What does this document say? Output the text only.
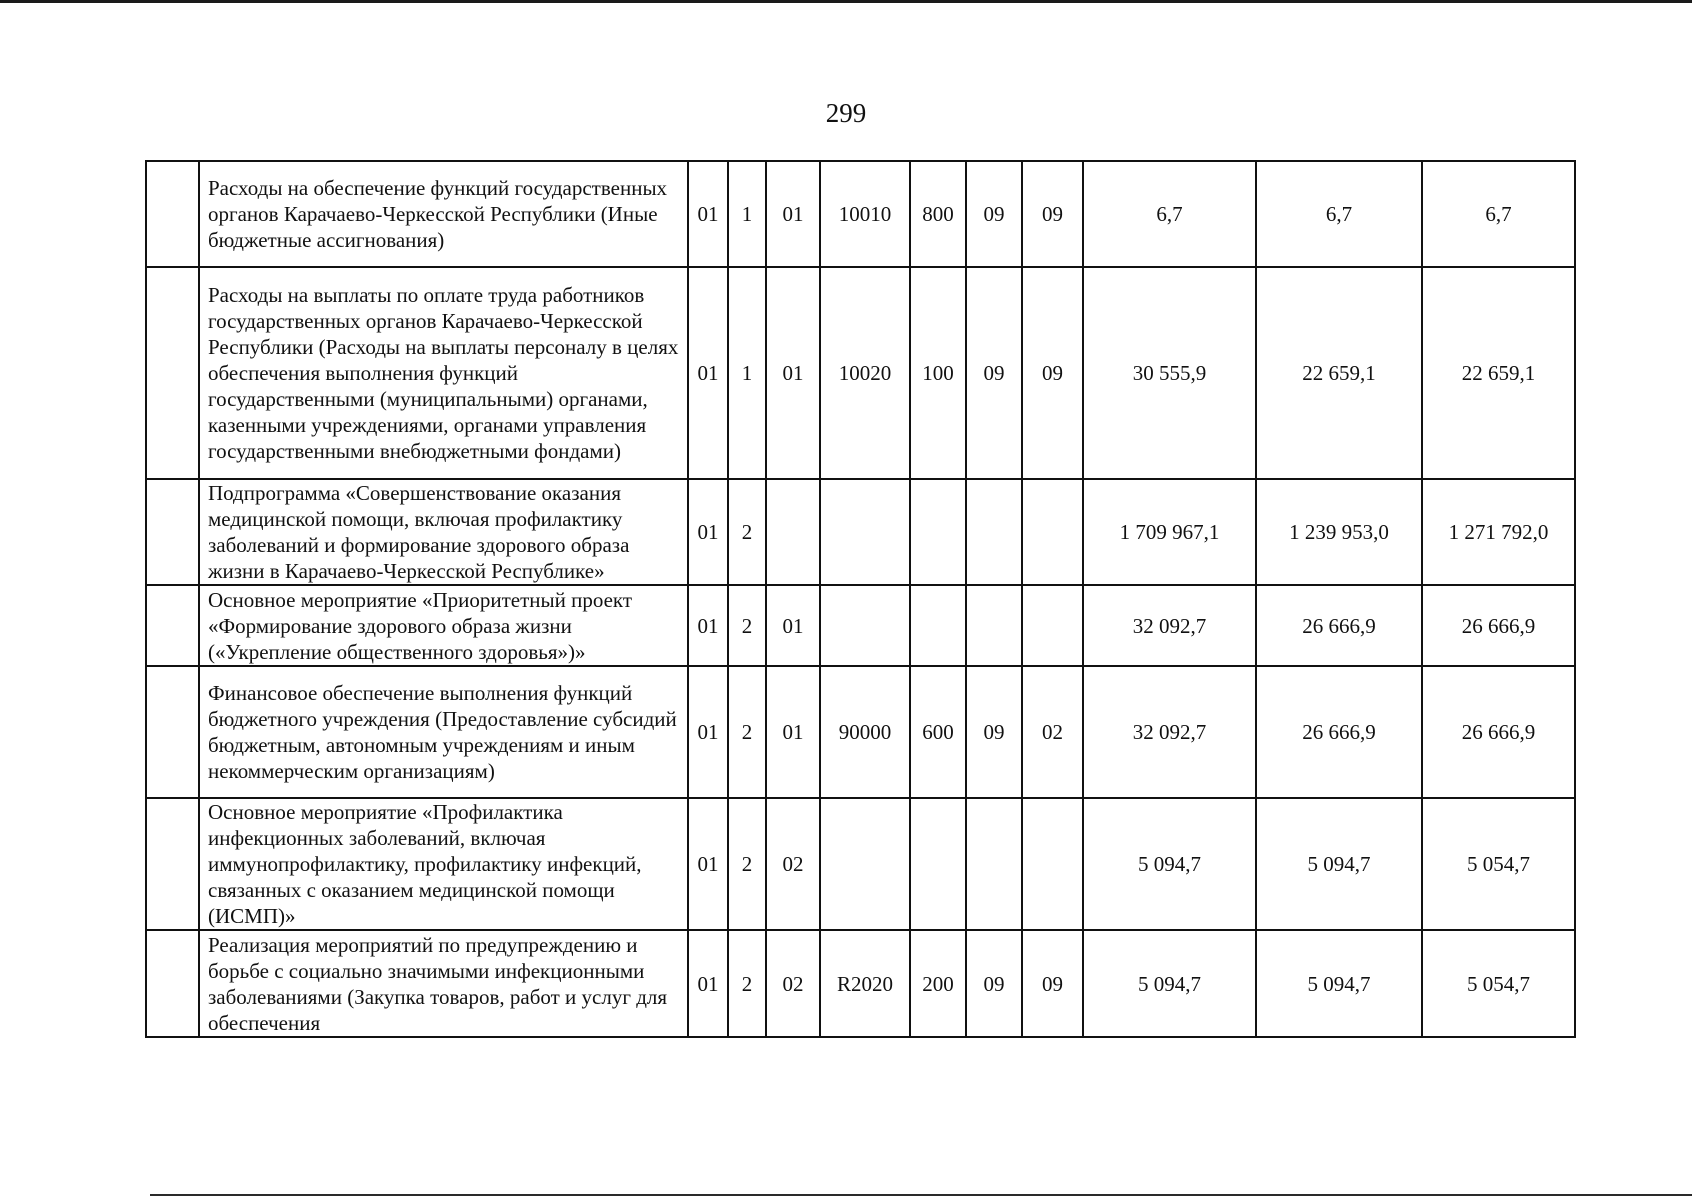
299
	Расходы на обеспечение функций государственных органов Карачаево-Черкесской Республики (Иные бюджетные ассигнования)	01	1	01	10010	800	09	09	6,7	6,7	6,7
	Расходы на выплаты по оплате труда работников государственных органов Карачаево-Черкесской Республики (Расходы на выплаты персоналу в целях обеспечения выполнения функций государственными (муниципальными) органами, казенными учреждениями, органами управления государственными внебюджетными фондами)	01	1	01	10020	100	09	09	30 555,9	22 659,1	22 659,1
	Подпрограмма «Совершенствование оказания медицинской помощи, включая профилактику заболеваний и формирование здорового образа жизни в Карачаево-Черкесской Республике»	01	2						1 709 967,1	1 239 953,0	1 271 792,0
	Основное мероприятие «Приоритетный проект «Формирование здорового образа жизни («Укрепление общественного здоровья»)»	01	2	01					32 092,7	26 666,9	26 666,9
	Финансовое обеспечение выполнения функций бюджетного учреждения (Предоставление субсидий бюджетным, автономным учреждениям и иным некоммерческим организациям)	01	2	01	90000	600	09	02	32 092,7	26 666,9	26 666,9
	Основное мероприятие «Профилактика инфекционных заболеваний, включая иммунопрофилактику, профилактику инфекций, связанных с оказанием медицинской помощи (ИСМП)»	01	2	02					5 094,7	5 094,7	5 054,7
	Реализация мероприятий по предупреждению и борьбе с социально значимыми инфекционными заболеваниями (Закупка товаров, работ и услуг для обеспечения	01	2	02	R2020	200	09	09	5 094,7	5 094,7	5 054,7
